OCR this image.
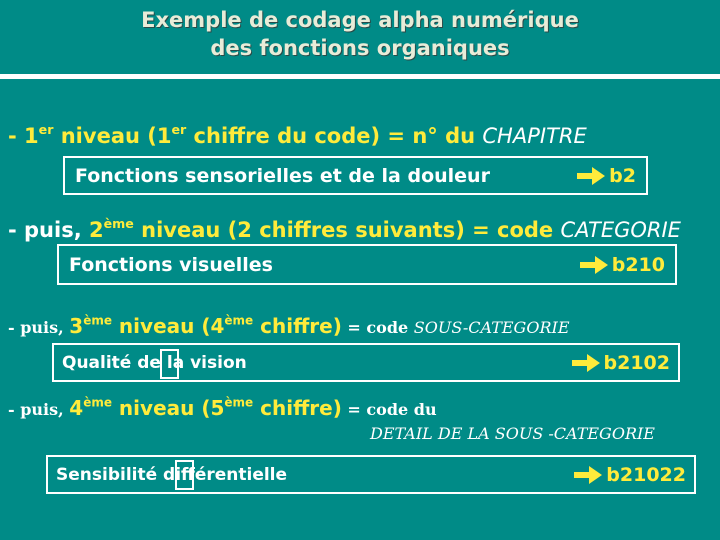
Exemple de codage alpha numérique
des fonctions organiques
- 1er niveau (1er chiffre du code) = n° du CHAPITRE
Fonctions sensorielles et de la douleur	b2
- puis, 2ème niveau (2 chiffres suivants) = code CATEGORIE
Fonctions visuelles	b210
- puis, 3ème niveau (4ème chiffre) = code SOUS-CATEGORIE
Qualité de la vision	b2102
- puis, 4ème niveau (5ème chiffre) = code du
DETAIL DE LA SOUS -CATEGORIE
Sensibilité différentielle	b21022
